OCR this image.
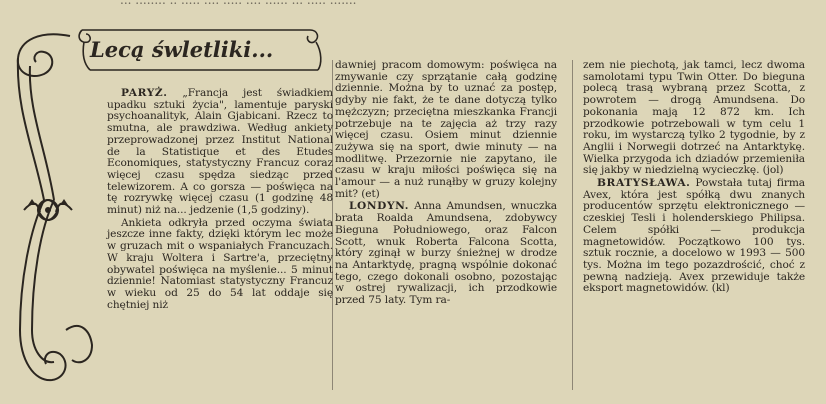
... ........ .. ..... .... ..... .... ...... ... ..... .......
Lecą śwletliki...

PARYŻ. „Francja jest świadkiem upadku sztuki życia", lamentuje paryski psychoanalityk, Alain Gjabicani. Rzecz to smutna, ale prawdziwa. Według ankiety przeprowadzonej przez Institut National de la Statistique et des Etudes Economiques, statystyczny Francuz coraz więcej czasu spędza siedząc przed telewizorem. A co gorsza — poświęca na tę rozrywkę więcej czasu (1 godzinę 48 minut) niż na... jedzenie (1,5 godziny).

Ankieta odkryła przed oczyma świata jeszcze inne fakty, dzięki którym lec może w gruzach mit o wspaniałych Francuzach. W kraju Woltera i Sartre'a, przeciętny obywatel poświęca na myślenie... 5 minut dziennie! Natomiast statystyczny Francuz w wieku od 25 do 54 lat oddaje się chętniej niż

dawniej pracom domowym: poświęca na zmywanie czy sprzątanie całą godzinę dziennie. Można by to uznać za postęp, gdyby nie fakt, że te dane dotyczą tylko mężczyzn; przeciętna mieszkanka Francji potrzebuje na te zajęcia aż trzy razy więcej czasu. Osiem minut dziennie zużywa się na sport, dwie minuty — na modlitwę. Przezornie nie zapytano, ile czasu w kraju miłości poświęca się na l'amour — a nuż runąłby w gruzy kolejny mit? (et)

LONDYN. Anna Amundsen, wnuczka brata Roalda Amundsena, zdobywcy Bieguna Południowego, oraz Falcon Scott, wnuk Roberta Falcona Scotta, który zginął w burzy śnieżnej w drodze na Antarktydę, pragną wspólnie dokonać tego, czego dokonali osobno, pozostając w ostrej rywalizacji, ich przodkowie przed 75 laty. Tym ra-

zem nie piechotą, jak tamci, lecz dwoma samolotami typu Twin Otter. Do bieguna polecą trasą wybraną przez Scotta, z powrotem — drogą Amundsena. Do pokonania mają 12 872 km. Ich przodkowie potrzebowali w tym celu 1 roku, im wystarczą tylko 2 tygodnie, by z Anglii i Norwegii dotrzeć na Antarktykę. Wielka przygoda ich dziadów przemieniła się jakby w niedzielną wycieczkę. (jol)

BRATYSŁAWA. Powstała tutaj firma Avex, która jest spółką dwu znanych producentów sprzętu elektronicznego — czeskiej Tesli i holenderskiego Philipsa. Celem spółki — produkcja magnetowidów. Początkowo 100 tys. sztuk rocznie, a docelowo w 1993 — 500 tys. Można im tego pozazdrościć, choć z pewną nadzieją. Avex przewiduje także eksport magnetowidów. (kl)
